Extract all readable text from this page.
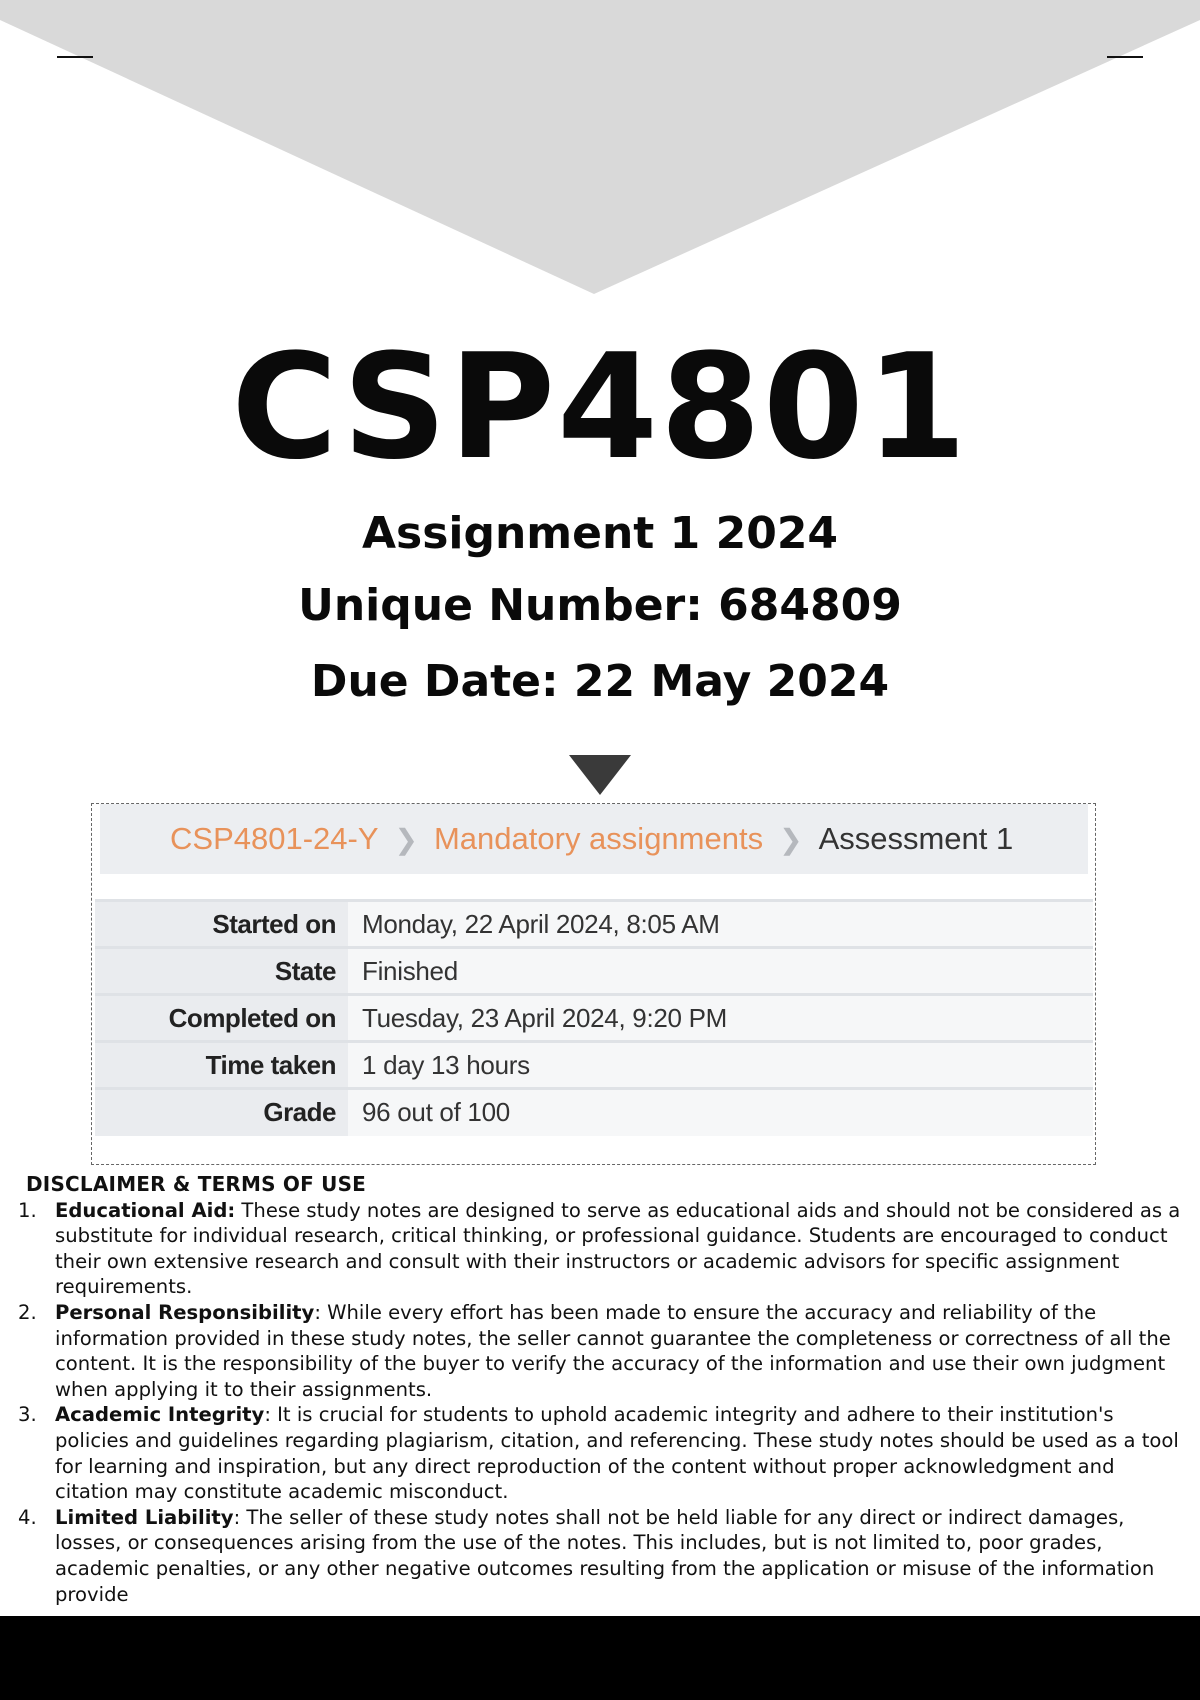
CSP4801
Assignment 1 2024
Unique Number: 684809
Due Date: 22 May 2024
CSP4801-24-Y ❯ Mandatory assignments ❯ Assessment 1
Started on	Monday, 22 April 2024, 8:05 AM
State	Finished
Completed on	Tuesday, 23 April 2024, 9:20 PM
Time taken	1 day 13 hours
Grade	96 out of 100
DISCLAIMER & TERMS OF USE
1. Educational Aid: These study notes are designed to serve as educational aids and should not be considered as a substitute for individual research, critical thinking, or professional guidance. Students are encouraged to conduct their own extensive research and consult with their instructors or academic advisors for specific assignment requirements.
2. Personal Responsibility: While every effort has been made to ensure the accuracy and reliability of the information provided in these study notes, the seller cannot guarantee the completeness or correctness of all the content. It is the responsibility of the buyer to verify the accuracy of the information and use their own judgment when applying it to their assignments.
3. Academic Integrity: It is crucial for students to uphold academic integrity and adhere to their institution's policies and guidelines regarding plagiarism, citation, and referencing. These study notes should be used as a tool for learning and inspiration, but any direct reproduction of the content without proper acknowledgment and citation may constitute academic misconduct.
4. Limited Liability: The seller of these study notes shall not be held liable for any direct or indirect damages, losses, or consequences arising from the use of the notes. This includes, but is not limited to, poor grades, academic penalties, or any other negative outcomes resulting from the application or misuse of the information provide
